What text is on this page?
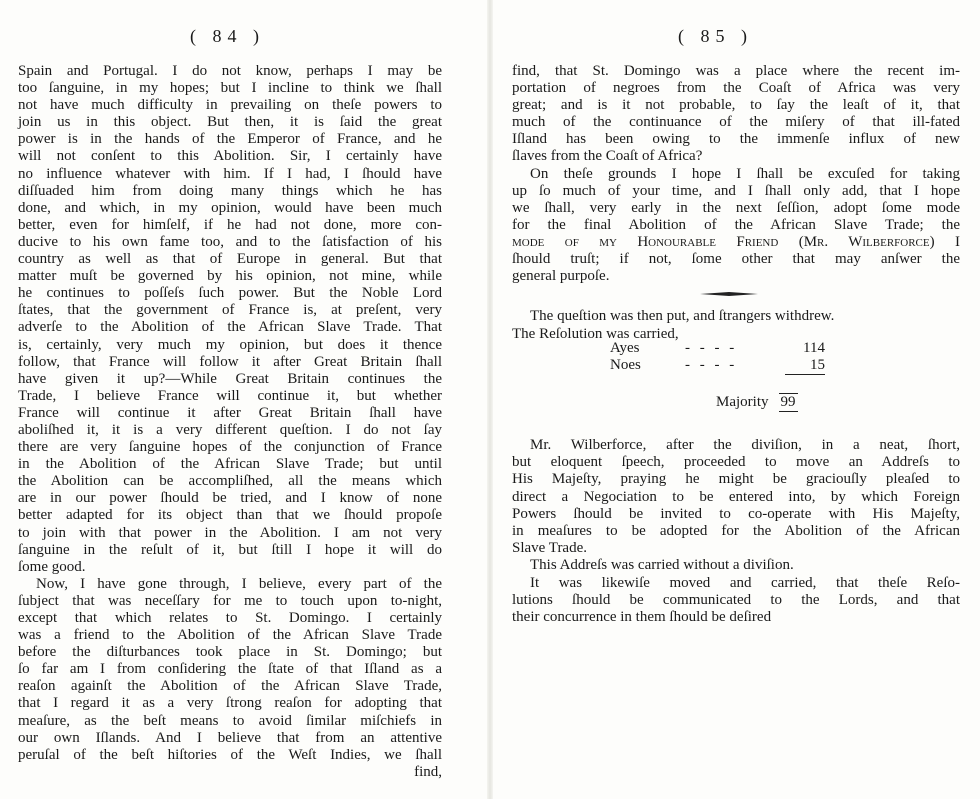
( 84 )
Spain and Portugal. I do not know, perhaps I may be
too ſanguine, in my hopes; but I incline to think we ſhall
not have much difficulty in prevailing on theſe powers to
join us in this object. But then, it is ſaid the great
power is in the hands of the Emperor of France, and he
will not conſent to this Abolition. Sir, I certainly have
no influence whatever with him. If I had, I ſhould have
diſſuaded him from doing many things which he has
done, and which, in my opinion, would have been much
better, even for himſelf, if he had not done, more con-
ducive to his own fame too, and to the ſatisfaction of his
country as well as that of Europe in general. But that
matter muſt be governed by his opinion, not mine, while
he continues to poſſeſs ſuch power. But the Noble Lord
ſtates, that the government of France is, at preſent, very
adverſe to the Abolition of the African Slave Trade. That
is, certainly, very much my opinion, but does it thence
follow, that France will follow it after Great Britain ſhall
have given it up?—While Great Britain continues the
Trade, I believe France will continue it, but whether
France will continue it after Great Britain ſhall have
aboliſhed it, it is a very different queſtion. I do not ſay
there are very ſanguine hopes of the conjunction of France
in the Abolition of the African Slave Trade; but until
the Abolition can be accompliſhed, all the means which
are in our power ſhould be tried, and I know of none
better adapted for its object than that we ſhould propoſe
to join with that power in the Abolition. I am not very
ſanguine in the reſult of it, but ſtill I hope it will do
ſome good.
Now, I have gone through, I believe, every part of the
ſubject that was neceſſary for me to touch upon to-night,
except that which relates to St. Domingo. I certainly
was a friend to the Abolition of the African Slave Trade
before the diſturbances took place in St. Domingo; but
ſo far am I from conſidering the ſtate of that Iſland as a
reaſon againſt the Abolition of the African Slave Trade,
that I regard it as a very ſtrong reaſon for adopting that
meaſure, as the beſt means to avoid ſimilar miſchiefs in
our own Iſlands. And I believe that from an attentive
peruſal of the beſt hiſtories of the Weſt Indies, we ſhall
find,
( 85 )
find, that St. Domingo was a place where the recent im-
portation of negroes from the Coaſt of Africa was very
great; and is it not probable, to ſay the leaſt of it, that
much of the continuance of the miſery of that ill-fated
Iſland has been owing to the immenſe influx of new
ſlaves from the Coaſt of Africa?
On theſe grounds I hope I ſhall be excuſed for taking
up ſo much of your time, and I ſhall only add, that I hope
we ſhall, very early in the next ſeſſion, adopt ſome mode
for the final Abolition of the African Slave Trade; the
mode of my Honourable Friend (Mr. Wilberforce) I
ſhould truſt; if not, ſome other that may anſwer the
general purpoſe.
The queſtion was then put, and ſtrangers withdrew.
The Reſolution was carried,
Ayes	- - - -	114
Noes	- - - -	15
Majority 99
Mr. Wilberforce, after the diviſion, in a neat, ſhort,
but eloquent ſpeech, proceeded to move an Addreſs to
His Majeſty, praying he might be graciouſly pleaſed to
direct a Negociation to be entered into, by which Foreign
Powers ſhould be invited to co-operate with His Majeſty,
in meaſures to be adopted for the Abolition of the African
Slave Trade.
This Addreſs was carried without a diviſion.
It was likewiſe moved and carried, that theſe Reſo-
lutions ſhould be communicated to the Lords, and that
their concurrence in them ſhould be deſired
